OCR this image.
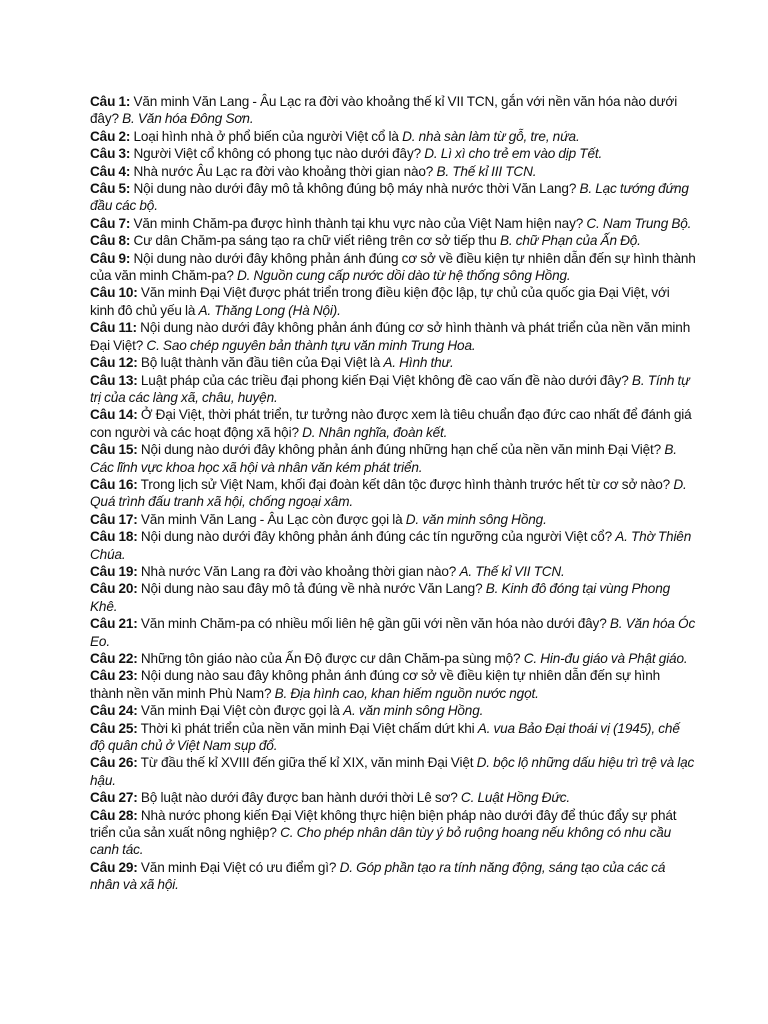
Câu 1: Văn minh Văn Lang - Âu Lạc ra đời vào khoảng thế kỉ VII TCN, gắn với nền văn hóa nào dưới đây? B. Văn hóa Đông Sơn.
Câu 2: Loại hình nhà ở phổ biến của người Việt cổ là D. nhà sàn làm từ gỗ, tre, nứa.
Câu 3: Người Việt cổ không có phong tục nào dưới đây? D. Lì xì cho trẻ em vào dịp Tết.
Câu 4: Nhà nước Âu Lạc ra đời vào khoảng thời gian nào? B. Thế kỉ III TCN.
Câu 5: Nội dung nào dưới đây mô tả không đúng bộ máy nhà nước thời Văn Lang? B. Lạc tướng đứng đầu các bộ.
Câu 7: Văn minh Chăm-pa được hình thành tại khu vực nào của Việt Nam hiện nay? C. Nam Trung Bộ.
Câu 8: Cư dân Chăm-pa sáng tạo ra chữ viết riêng trên cơ sở tiếp thu B. chữ Phạn của Ấn Độ.
Câu 9: Nội dung nào dưới đây không phản ánh đúng cơ sở về điều kiện tự nhiên dẫn đến sự hình thành của văn minh Chăm-pa? D. Nguồn cung cấp nước dồi dào từ hệ thống sông Hồng.
Câu 10: Văn minh Đại Việt được phát triển trong điều kiện độc lập, tự chủ của quốc gia Đại Việt, với kinh đô chủ yếu là A. Thăng Long (Hà Nội).
Câu 11: Nội dung nào dưới đây không phản ánh đúng cơ sở hình thành và phát triển của nền văn minh Đại Việt? C. Sao chép nguyên bản thành tựu văn minh Trung Hoa.
Câu 12: Bộ luật thành văn đầu tiên của Đại Việt là A. Hình thư.
Câu 13: Luật pháp của các triều đại phong kiến Đại Việt không đề cao vấn đề nào dưới đây? B. Tính tự trị của các làng xã, châu, huyện.
Câu 14: Ở Đại Việt, thời phát triển, tư tưởng nào được xem là tiêu chuẩn đạo đức cao nhất để đánh giá con người và các hoạt động xã hội? D. Nhân nghĩa, đoàn kết.
Câu 15: Nội dung nào dưới đây không phản ánh đúng những hạn chế của nền văn minh Đại Việt? B. Các lĩnh vực khoa học xã hội và nhân văn kém phát triển.
Câu 16: Trong lịch sử Việt Nam, khối đại đoàn kết dân tộc được hình thành trước hết từ cơ sở nào? D. Quá trình đấu tranh xã hội, chống ngoại xâm.
Câu 17: Văn minh Văn Lang - Âu Lạc còn được gọi là D. văn minh sông Hồng.
Câu 18: Nội dung nào dưới đây không phản ánh đúng các tín ngưỡng của người Việt cổ? A. Thờ Thiên Chúa.
Câu 19: Nhà nước Văn Lang ra đời vào khoảng thời gian nào? A. Thế kỉ VII TCN.
Câu 20: Nội dung nào sau đây mô tả đúng về nhà nước Văn Lang? B. Kinh đô đóng tại vùng Phong Khê.
Câu 21: Văn minh Chăm-pa có nhiều mối liên hệ gần gũi với nền văn hóa nào dưới đây? B. Văn hóa Óc Eo.
Câu 22: Những tôn giáo nào của Ấn Độ được cư dân Chăm-pa sùng mộ? C. Hin-đu giáo và Phật giáo.
Câu 23: Nội dung nào sau đây không phản ánh đúng cơ sở về điều kiện tự nhiên dẫn đến sự hình thành nền văn minh Phù Nam? B. Địa hình cao, khan hiếm nguồn nước ngọt.
Câu 24: Văn minh Đại Việt còn được gọi là A. văn minh sông Hồng.
Câu 25: Thời kì phát triển của nền văn minh Đại Việt chấm dứt khi A. vua Bảo Đại thoái vị (1945), chế độ quân chủ ở Việt Nam sụp đổ.
Câu 26: Từ đầu thế kỉ XVIII đến giữa thế kỉ XIX, văn minh Đại Việt D. bộc lộ những dấu hiệu trì trệ và lạc hậu.
Câu 27: Bộ luật nào dưới đây được ban hành dưới thời Lê sơ? C. Luật Hồng Đức.
Câu 28: Nhà nước phong kiến Đại Việt không thực hiện biện pháp nào dưới đây để thúc đẩy sự phát triển của sản xuất nông nghiệp? C. Cho phép nhân dân tùy ý bỏ ruộng hoang nếu không có nhu cầu canh tác.
Câu 29: Văn minh Đại Việt có ưu điểm gì? D. Góp phần tạo ra tính năng động, sáng tạo của các cá nhân và xã hội.
